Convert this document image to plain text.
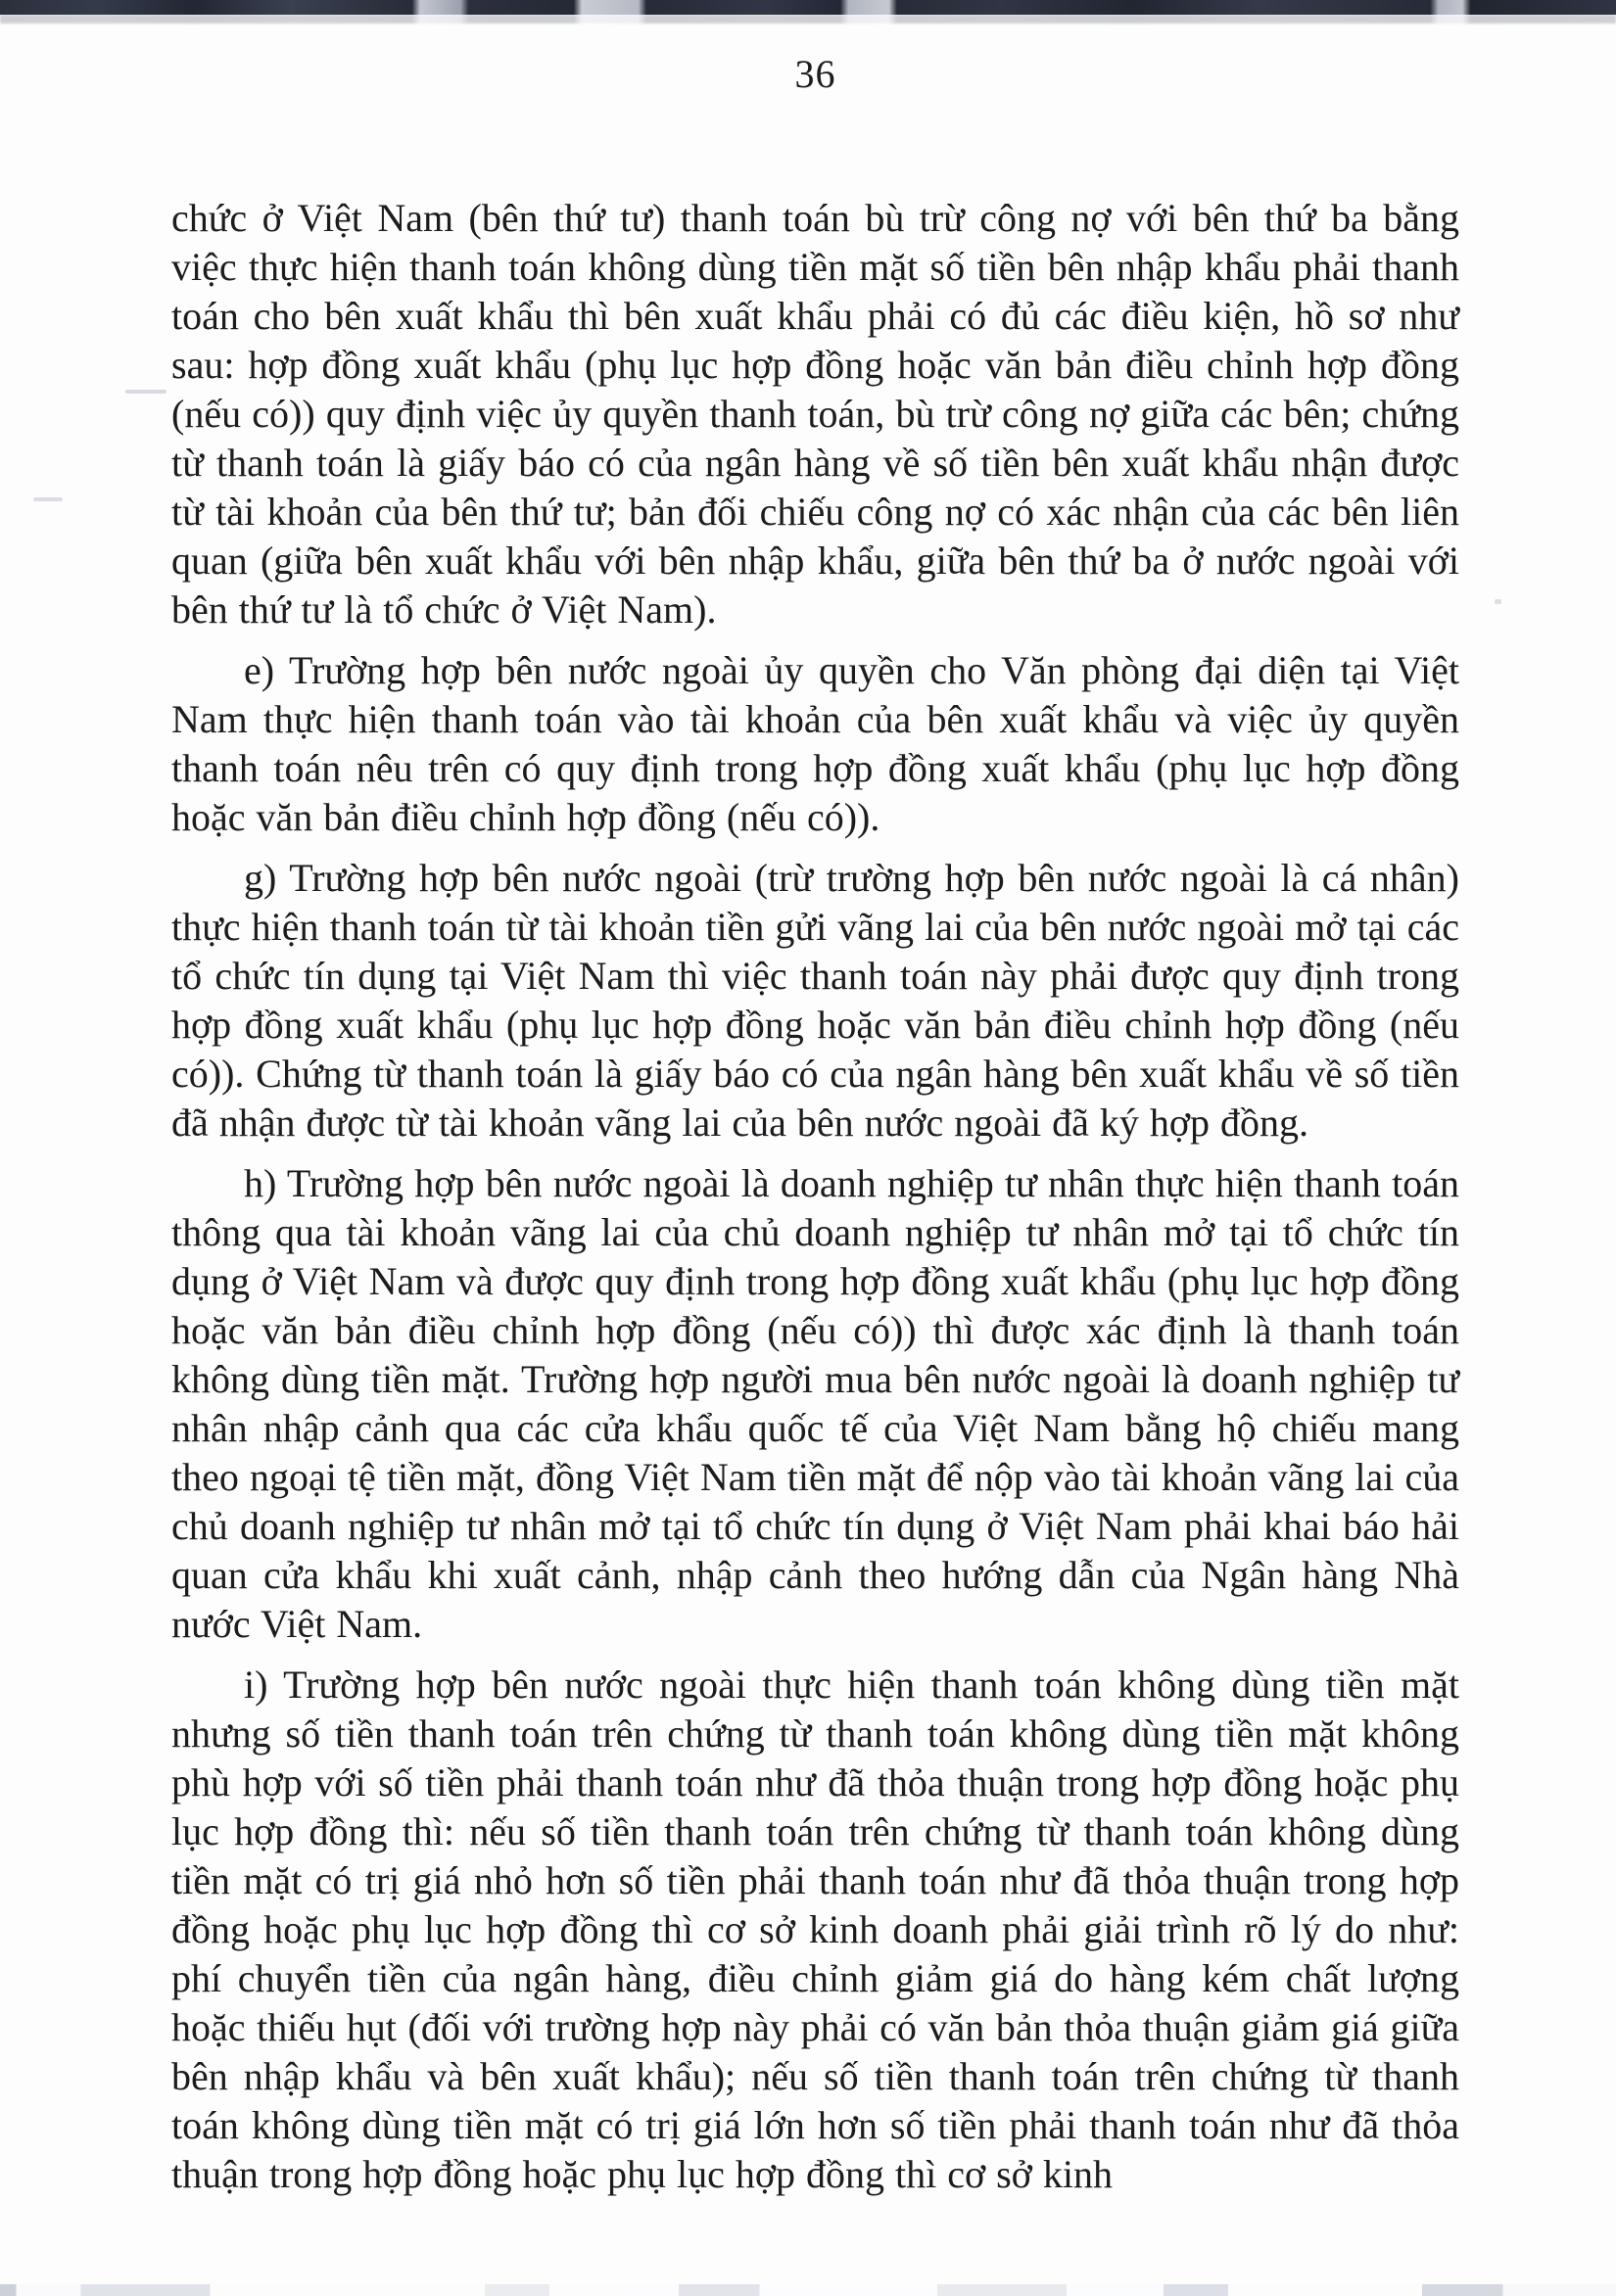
36

chức ở Việt Nam (bên thứ tư) thanh toán bù trừ công nợ với bên thứ ba bằng việc thực hiện thanh toán không dùng tiền mặt số tiền bên nhập khẩu phải thanh toán cho bên xuất khẩu thì bên xuất khẩu phải có đủ các điều kiện, hồ sơ như sau: hợp đồng xuất khẩu (phụ lục hợp đồng hoặc văn bản điều chỉnh hợp đồng (nếu có)) quy định việc ủy quyền thanh toán, bù trừ công nợ giữa các bên; chứng từ thanh toán là giấy báo có của ngân hàng về số tiền bên xuất khẩu nhận được từ tài khoản của bên thứ tư; bản đối chiếu công nợ có xác nhận của các bên liên quan (giữa bên xuất khẩu với bên nhập khẩu, giữa bên thứ ba ở nước ngoài với bên thứ tư là tổ chức ở Việt Nam).

e) Trường hợp bên nước ngoài ủy quyền cho Văn phòng đại diện tại Việt Nam thực hiện thanh toán vào tài khoản của bên xuất khẩu và việc ủy quyền thanh toán nêu trên có quy định trong hợp đồng xuất khẩu (phụ lục hợp đồng hoặc văn bản điều chỉnh hợp đồng (nếu có)).

g) Trường hợp bên nước ngoài (trừ trường hợp bên nước ngoài là cá nhân) thực hiện thanh toán từ tài khoản tiền gửi vãng lai của bên nước ngoài mở tại các tổ chức tín dụng tại Việt Nam thì việc thanh toán này phải được quy định trong hợp đồng xuất khẩu (phụ lục hợp đồng hoặc văn bản điều chỉnh hợp đồng (nếu có)). Chứng từ thanh toán là giấy báo có của ngân hàng bên xuất khẩu về số tiền đã nhận được từ tài khoản vãng lai của bên nước ngoài đã ký hợp đồng.

h) Trường hợp bên nước ngoài là doanh nghiệp tư nhân thực hiện thanh toán thông qua tài khoản vãng lai của chủ doanh nghiệp tư nhân mở tại tổ chức tín dụng ở Việt Nam và được quy định trong hợp đồng xuất khẩu (phụ lục hợp đồng hoặc văn bản điều chỉnh hợp đồng (nếu có)) thì được xác định là thanh toán không dùng tiền mặt. Trường hợp người mua bên nước ngoài là doanh nghiệp tư nhân nhập cảnh qua các cửa khẩu quốc tế của Việt Nam bằng hộ chiếu mang theo ngoại tệ tiền mặt, đồng Việt Nam tiền mặt để nộp vào tài khoản vãng lai của chủ doanh nghiệp tư nhân mở tại tổ chức tín dụng ở Việt Nam phải khai báo hải quan cửa khẩu khi xuất cảnh, nhập cảnh theo hướng dẫn của Ngân hàng Nhà nước Việt Nam.

i) Trường hợp bên nước ngoài thực hiện thanh toán không dùng tiền mặt nhưng số tiền thanh toán trên chứng từ thanh toán không dùng tiền mặt không phù hợp với số tiền phải thanh toán như đã thỏa thuận trong hợp đồng hoặc phụ lục hợp đồng thì: nếu số tiền thanh toán trên chứng từ thanh toán không dùng tiền mặt có trị giá nhỏ hơn số tiền phải thanh toán như đã thỏa thuận trong hợp đồng hoặc phụ lục hợp đồng thì cơ sở kinh doanh phải giải trình rõ lý do như: phí chuyển tiền của ngân hàng, điều chỉnh giảm giá do hàng kém chất lượng hoặc thiếu hụt (đối với trường hợp này phải có văn bản thỏa thuận giảm giá giữa bên nhập khẩu và bên xuất khẩu); nếu số tiền thanh toán trên chứng từ thanh toán không dùng tiền mặt có trị giá lớn hơn số tiền phải thanh toán như đã thỏa thuận trong hợp đồng hoặc phụ lục hợp đồng thì cơ sở kinh
